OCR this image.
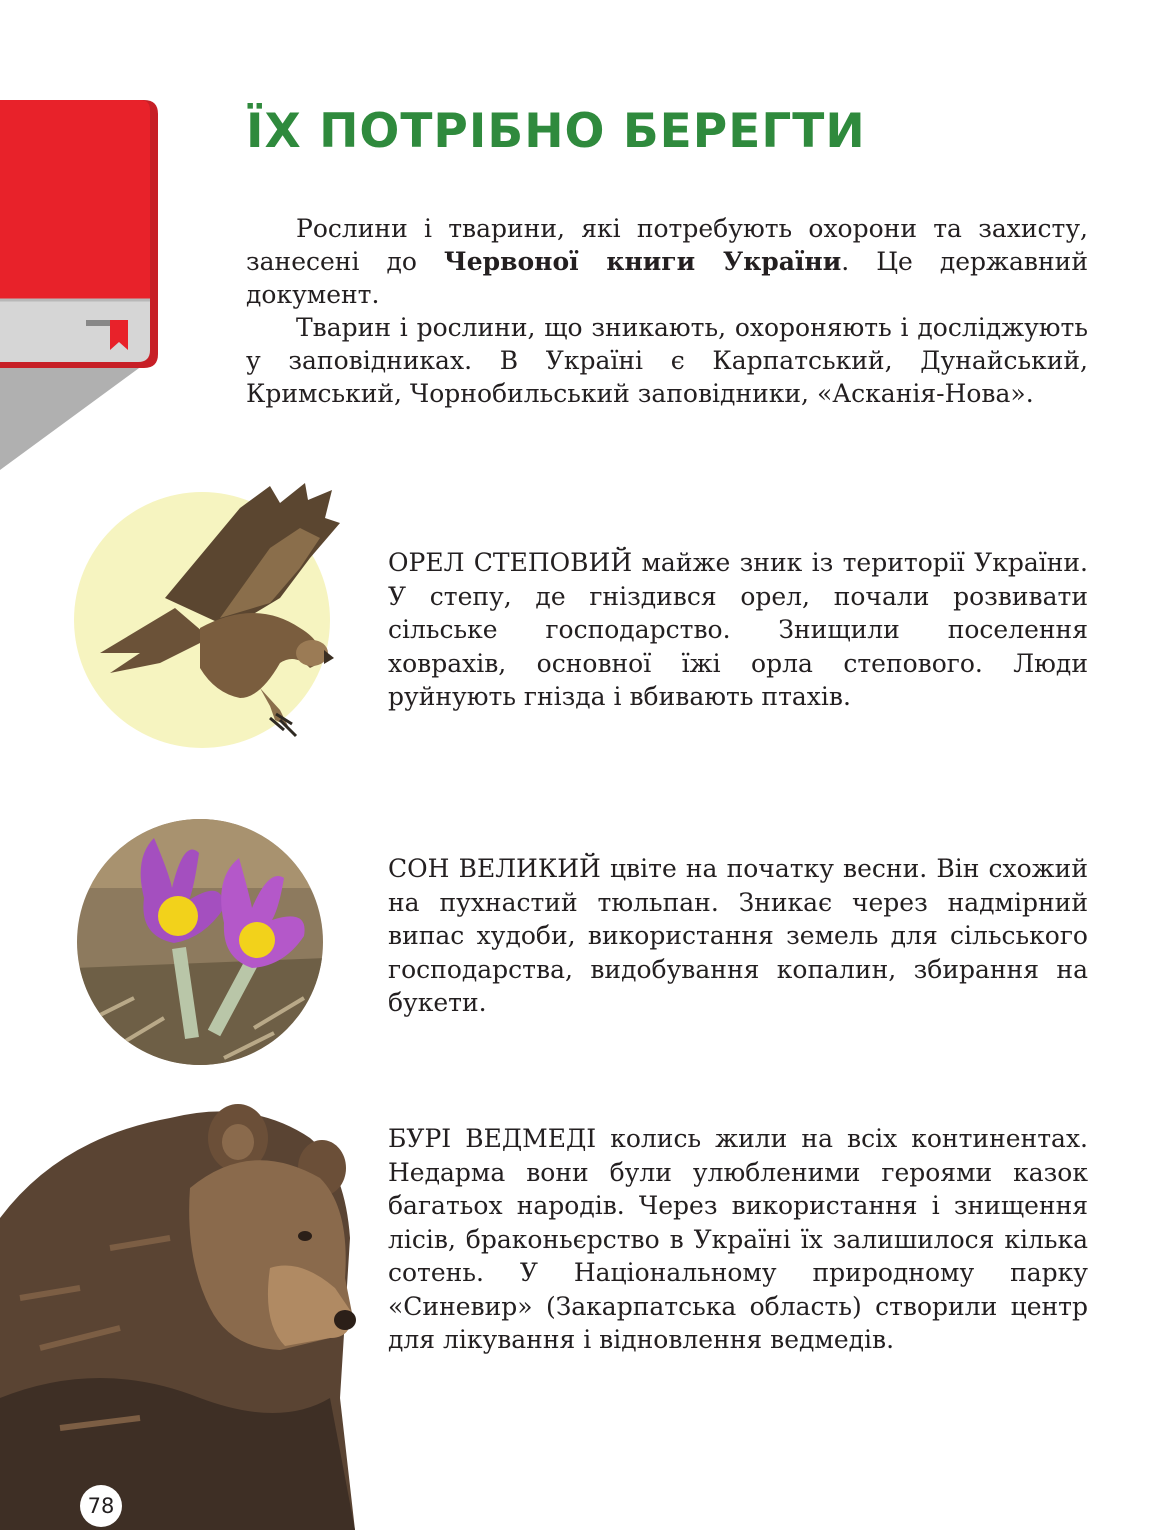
ЇХ ПОТРІБНО БЕРЕГТИ

Рослини і тварини, які потребують охорони та захисту, занесені до Червоної книги України. Це державний документ.

Тварин і рослини, що зникають, охороняють і досліджують у заповідниках. В Україні є Карпатський, Дунайський, Кримський, Чорнобильський заповідники, «Асканія-Нова».

ОРЕЛ СТЕПОВИЙ майже зник із території України. У степу, де гніздився орел, почали розвивати сільське господарство. Знищили поселення ховрахів, основної їжі орла степового. Люди руйнують гнізда і вбивають птахів.
СОН ВЕЛИКИЙ цвіте на початку весни. Він схожий на пухнастий тюльпан. Зникає через надмірний випас худоби, використання земель для сільського господарства, видобування копалин, збирання на букети.
БУРІ ВЕДМЕДІ колись жили на всіх континентах. Недарма вони були улюбленими героями казок багатьох народів. Через використання і знищення лісів, браконьєрство в Україні їх залишилося кілька сотень. У Національному природному парку «Синевир» (Закарпатська область) створили центр для лікування і відновлення ведмедів.
78
